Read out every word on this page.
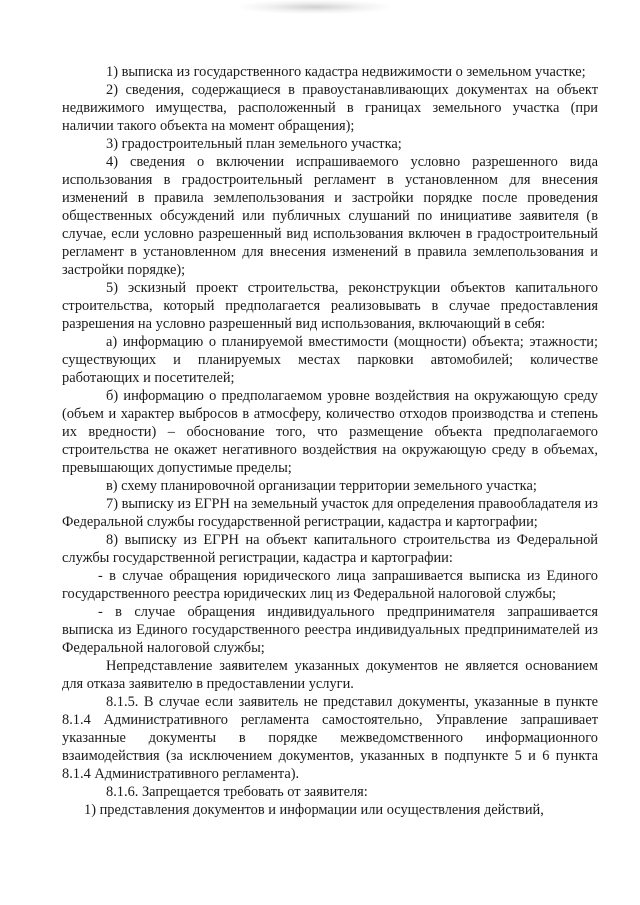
1) выписка из государственного кадастра недвижимости о земельном участке;

2) сведения, содержащиеся в правоустанавливающих документах на объект недвижимого имущества, расположенный в границах земельного участка (при наличии такого объекта на момент обращения);

3) градостроительный план земельного участка;

4) сведения о включении испрашиваемого условно разрешенного вида использования в градостроительный регламент в установленном для внесения изменений в правила землепользования и застройки порядке после проведения общественных обсуждений или публичных слушаний по инициативе заявителя (в случае, если условно разрешенный вид использования включен в градостроительный регламент в установленном для внесения изменений в правила землепользования и застройки порядке);

5) эскизный проект строительства, реконструкции объектов капитального строительства, который предполагается реализовывать в случае предоставления разрешения на условно разрешенный вид использования, включающий в себя:

а) информацию о планируемой вместимости (мощности) объекта; этажности; существующих и планируемых местах парковки автомобилей; количестве работающих и посетителей;

б) информацию о предполагаемом уровне воздействия на окружающую среду (объем и характер выбросов в атмосферу, количество отходов производства и степень их вредности) – обоснование того, что размещение объекта предполагаемого строительства не окажет негативного воздействия на окружающую среду в объемах, превышающих допустимые пределы;

в) схему планировочной организации территории земельного участка;

7) выписку из ЕГРН на земельный участок для определения правообладателя из Федеральной службы государственной регистрации, кадастра и картографии;

8) выписку из ЕГРН на объект капитального строительства из Федеральной службы государственной регистрации, кадастра и картографии:

- в случае обращения юридического лица запрашивается выписка из Единого государственного реестра юридических лиц из Федеральной налоговой службы;

- в случае обращения индивидуального предпринимателя запрашивается выписка из Единого государственного реестра индивидуальных предпринимателей из Федеральной налоговой службы;

Непредставление заявителем указанных документов не является основанием для отказа заявителю в предоставлении услуги.

8.1.5. В случае если заявитель не представил документы, указанные в пункте 8.1.4 Административного регламента самостоятельно, Управление запрашивает указанные документы в порядке межведомственного информационного взаимодействия (за исключением документов, указанных в подпункте 5 и 6 пункта 8.1.4 Административного регламента).

8.1.6. Запрещается требовать от заявителя:

1) представления документов и информации или осуществления действий,
